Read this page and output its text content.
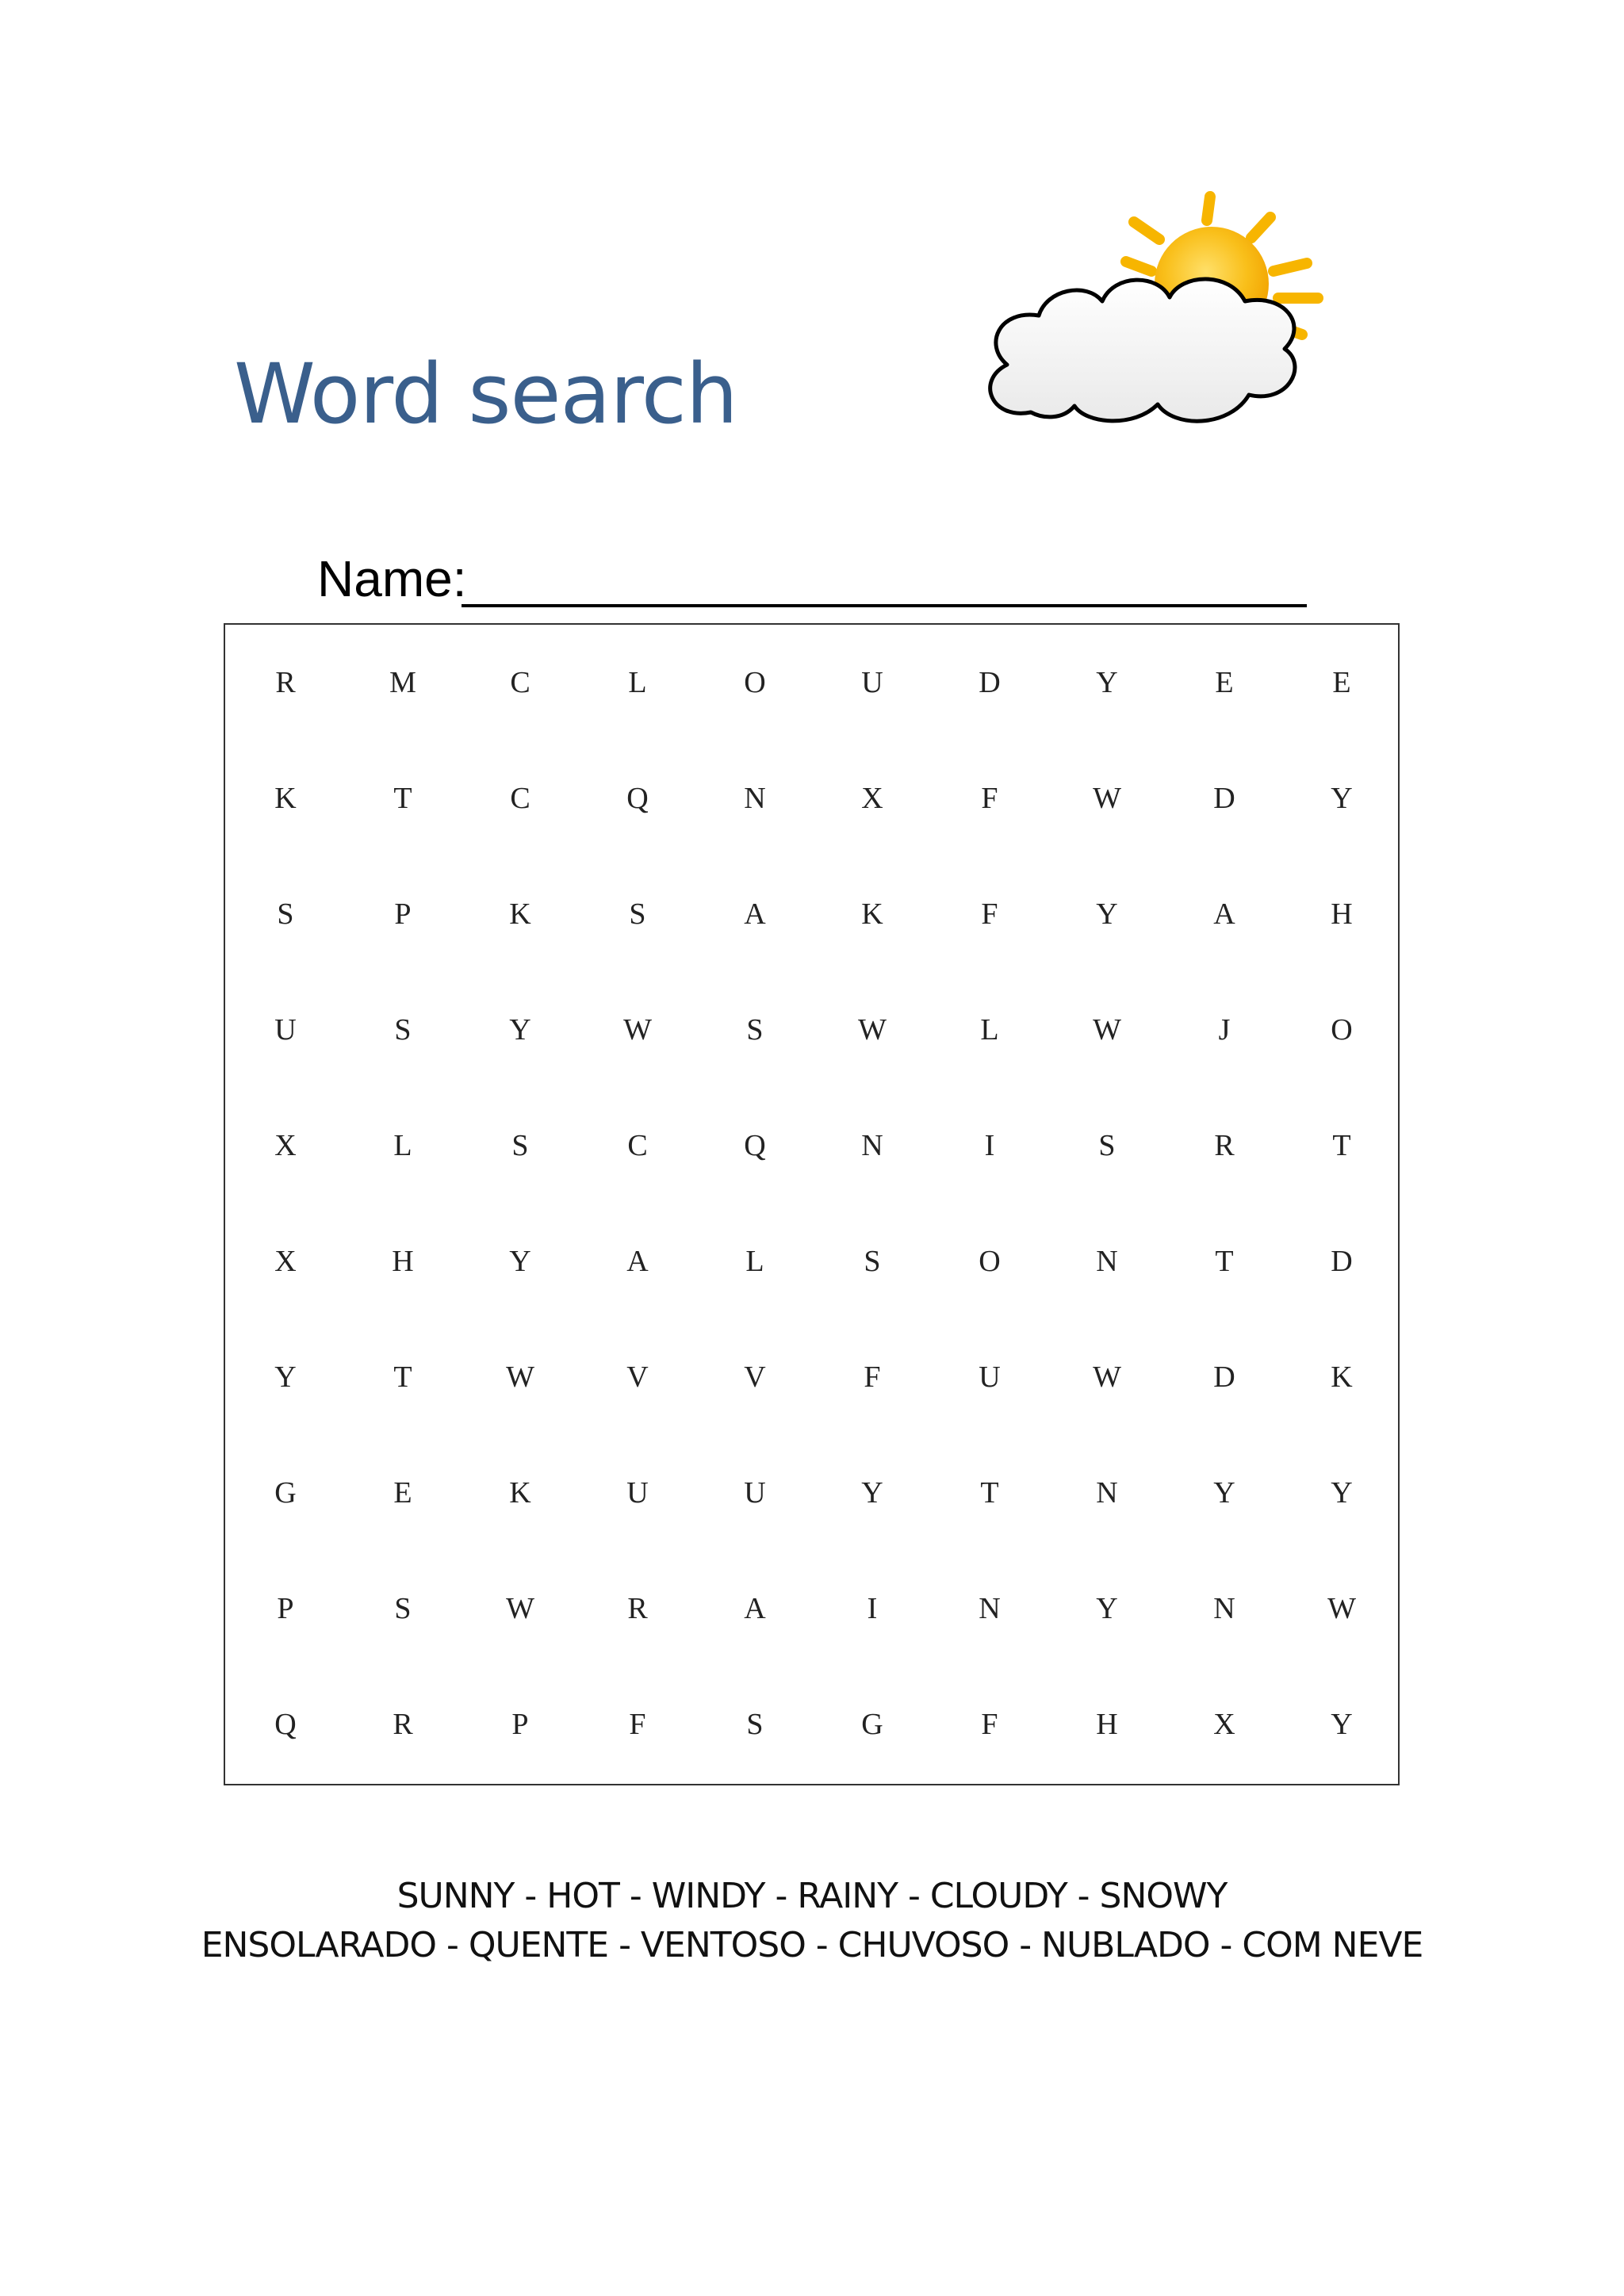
Word search
Name:
R	M	C	L	O	U	D	Y	E	E
K	T	C	Q	N	X	F	W	D	Y
S	P	K	S	A	K	F	Y	A	H
U	S	Y	W	S	W	L	W	J	O
X	L	S	C	Q	N	I	S	R	T
X	H	Y	A	L	S	O	N	T	D
Y	T	W	V	V	F	U	W	D	K
G	E	K	U	U	Y	T	N	Y	Y
P	S	W	R	A	I	N	Y	N	W
Q	R	P	F	S	G	F	H	X	Y
SUNNY - HOT - WINDY - RAINY - CLOUDY - SNOWY
ENSOLARADO - QUENTE - VENTOSO - CHUVOSO - NUBLADO - COM NEVE
